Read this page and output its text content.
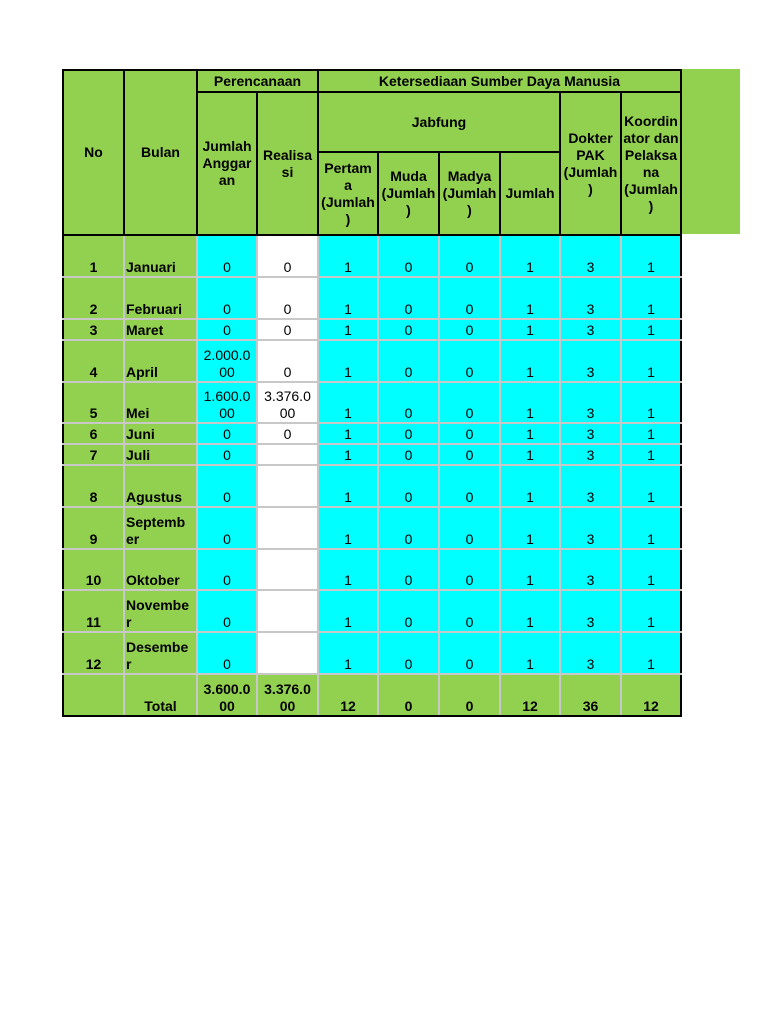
No	Bulan	Perencanaan		Ketersediaan Sumber Daya Manusia					
		Jumlah Anggar an	Realisa si	Jabfung				Dokter PAK (Jumlah )	Koordin ator dan Pelaksa na (Jumlah )
				Pertam a (Jumlah )	Muda (Jumlah )	Madya (Jumlah )	Jumlah		
1	Januari	0	0	1	0	0	1	3	1
2	Februari	0	0	1	0	0	1	3	1
3	Maret	0	0	1	0	0	1	3	1
4	April	2.000.0 00	0	1	0	0	1	3	1
5	Mei	1.600.0 00	3.376.0 00	1	0	0	1	3	1
6	Juni	0	0	1	0	0	1	3	1
7	Juli	0		1	0	0	1	3	1
8	Agustus	0		1	0	0	1	3	1
9	Septemb er	0		1	0	0	1	3	1
10	Oktober	0		1	0	0	1	3	1
11	Novembe r	0		1	0	0	1	3	1
12	Desembe r	0		1	0	0	1	3	1
	Total	3.600.0 00	3.376.0 00	12	0	0	12	36	12
